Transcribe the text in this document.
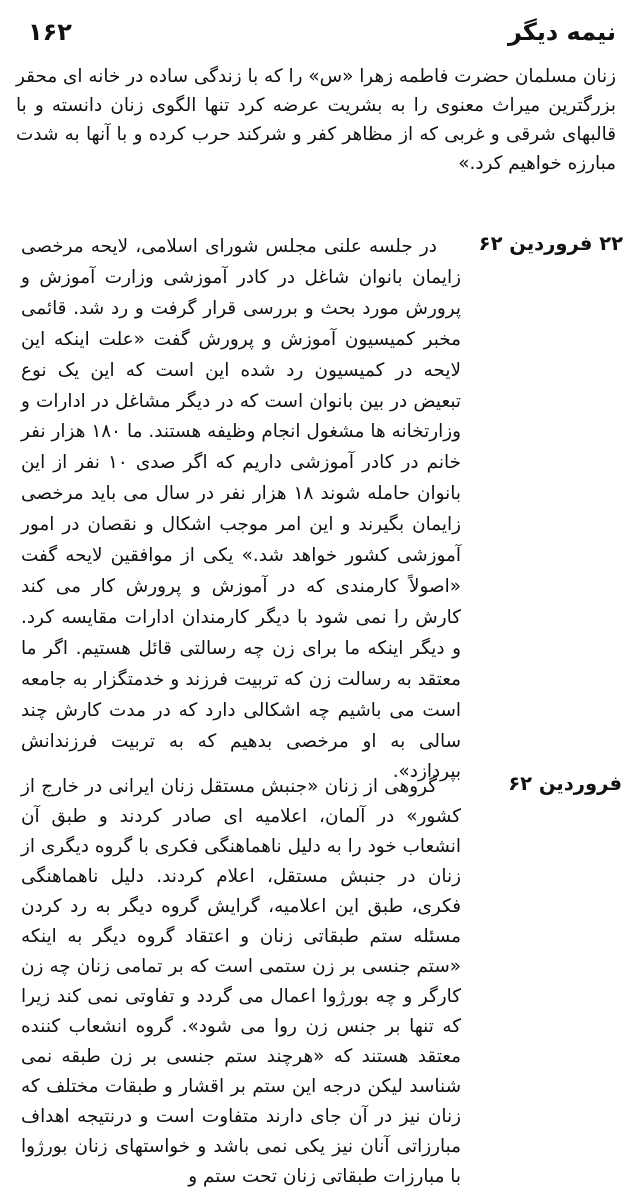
۱۶۲	نیمه دیگر

زنان مسلمان حضرت فاطمه زهرا «س» را که با زندگی ساده در خانه ای محقر بزرگترین میراث معنوی را به بشریت عرضه کرد تنها الگوی زنان دانسته و با قالبهای شرقی و غربی که از مظاهر کفر و شرکند حرب کرده و با آنها به شدت مبارزه خواهیم کرد.»

۲۲ فروردین ۶۲

در جلسه علنی مجلس شورای اسلامی، لایحه مرخصی زایمان بانوان شاغل در کادر آموزشی وزارت آموزش و پرورش مورد بحث و بررسی قرار گرفت و رد شد. قائمی مخبر کمیسیون آموزش و پرورش گفت «علت اینکه این لایحه در کمیسیون رد شده این است که این یک نوع تبعیض در بین بانوان است که در دیگر مشاغل در ادارات و وزارتخانه ها مشغول انجام وظیفه هستند. ما ۱۸۰ هزار نفر خانم در کادر آموزشی داریم که اگر صدی ۱۰ نفر از این بانوان حامله شوند ۱۸ هزار نفر در سال می باید مرخصی زایمان بگیرند و این امر موجب اشکال و نقصان در امور آموزشی کشور خواهد شد.» یکی از موافقین لایحه گفت «اصولاً کارمندی که در آموزش و پرورش کار می کند کارش را نمی شود با دیگر کارمندان ادارات مقایسه کرد. و دیگر اینکه ما برای زن چه رسالتی قائل هستیم. اگر ما معتقد به رسالت زن که تربیت فرزند و خدمتگزار به جامعه است می باشیم چه اشکالی دارد که در مدت کارش چند سالی به او مرخصی بدهیم که به تربیت فرزندانش بپردازد».

فروردین ۶۲

گروهی از زنان «جنبش مستقل زنان ایرانی در خارج از کشور» در آلمان، اعلامیه ای صادر کردند و طبق آن انشعاب خود را به دلیل ناهماهنگی فکری با گروه دیگری از زنان در جنبش مستقل، اعلام کردند. دلیل ناهماهنگی فکری، طبق این اعلامیه، گرایش گروه دیگر به رد کردن مسئله ستم طبقاتی زنان و اعتقاد گروه دیگر به اینکه «ستم جنسی بر زن ستمی است که بر تمامی زنان چه زن کارگر و چه بورژوا اعمال می گردد و تفاوتی نمی کند زیرا که تنها بر جنس زن روا می شود». گروه انشعاب کننده معتقد هستند که «هرچند ستم جنسی بر زن طبقه نمی شناسد لیکن درجه این ستم بر اقشار و طبقات مختلف که زنان نیز در آن جای دارند متفاوت است و درنتیجه اهداف مبارزاتی آنان نیز یکی نمی باشد و خواستهای زنان بورژوا با مبارزات طبقاتی زنان تحت ستم و
